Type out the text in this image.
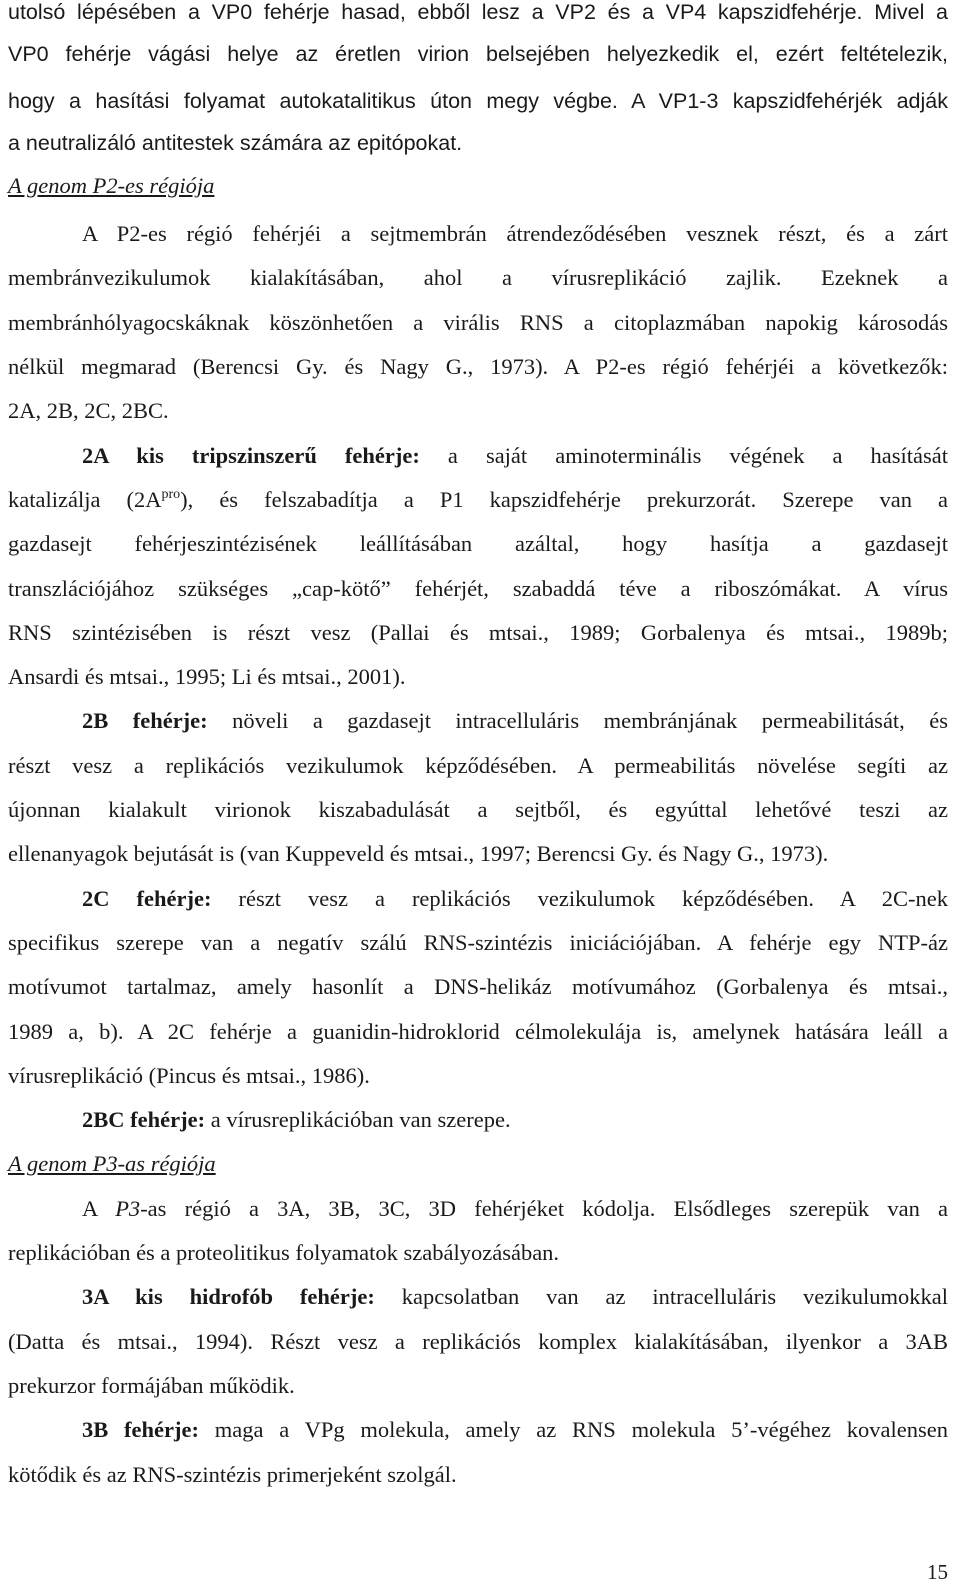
utolsó lépésében a VP0 fehérje hasad, ebből lesz a VP2 és a VP4 kapszidfehérje. Mivel a
VP0 fehérje vágási helye az éretlen virion belsejében helyezkedik el, ezért feltételezik,
hogy a hasítási folyamat autokatalitikus úton megy végbe. A VP1-3 kapszidfehérjék adják
a neutralizáló antitestek számára az epitópokat.
A genom P2-es régiója
A P2-es régió fehérjéi a sejtmembrán átrendeződésében vesznek részt, és a zárt
membránvezikulumok kialakításában, ahol a vírusreplikáció zajlik. Ezeknek a
membránhólyagocskáknak köszönhetően a virális RNS a citoplazmában napokig károsodás
nélkül megmarad (Berencsi Gy. és Nagy G., 1973). A P2-es régió fehérjéi a következők:
2A, 2B, 2C, 2BC.
2A kis tripszinszerű fehérje: a saját aminoterminális végének a hasítását
katalizálja $(2A^{pro})$, és felszabadítja a P1 kapszidfehérje prekurzorát. Szerepe van a
gazdasejt fehérjeszintézisének leállításában azáltal, hogy hasítja a gazdasejt
transzlációjához szükséges „cap-kötő” fehérjét, szabaddá téve a riboszómákat. A vírus
RNS szintézisében is részt vesz (Pallai és mtsai., 1989; Gorbalenya és mtsai., 1989b;
Ansardi és mtsai., 1995; Li és mtsai., 2001).
2B fehérje: növeli a gazdasejt intracelluláris membránjának permeabilitását, és
részt vesz a replikációs vezikulumok képződésében. A permeabilitás növelése segíti az
újonnan kialakult virionok kiszabadulását a sejtből, és egyúttal lehetővé teszi az
ellenanyagok bejutását is (van Kuppeveld és mtsai., 1997; Berencsi Gy. és Nagy G., 1973).
2C fehérje: részt vesz a replikációs vezikulumok képződésében. A 2C-nek
specifikus szerepe van a negatív szálú RNS-szintézis iniciációjában. A fehérje egy NTP-áz
motívumot tartalmaz, amely hasonlít a DNS-helikáz motívumához (Gorbalenya és mtsai.,
1989 a, b). A 2C fehérje a guanidin-hidroklorid célmolekulája is, amelynek hatására leáll a
vírusreplikáció (Pincus és mtsai., 1986).
2BC fehérje: a vírusreplikációban van szerepe.
A genom P3-as régiója
A P3-as régió a 3A, 3B, 3C, 3D fehérjéket kódolja. Elsődleges szerepük van a
replikációban és a proteolitikus folyamatok szabályozásában.
3A kis hidrofób fehérje: kapcsolatban van az intracelluláris vezikulumokkal
(Datta és mtsai., 1994). Részt vesz a replikációs komplex kialakításában, ilyenkor a 3AB
prekurzor formájában működik.
3B fehérje: maga a VPg molekula, amely az RNS molekula 5’-végéhez kovalensen
kötődik és az RNS-szintézis primerjeként szolgál.
15
